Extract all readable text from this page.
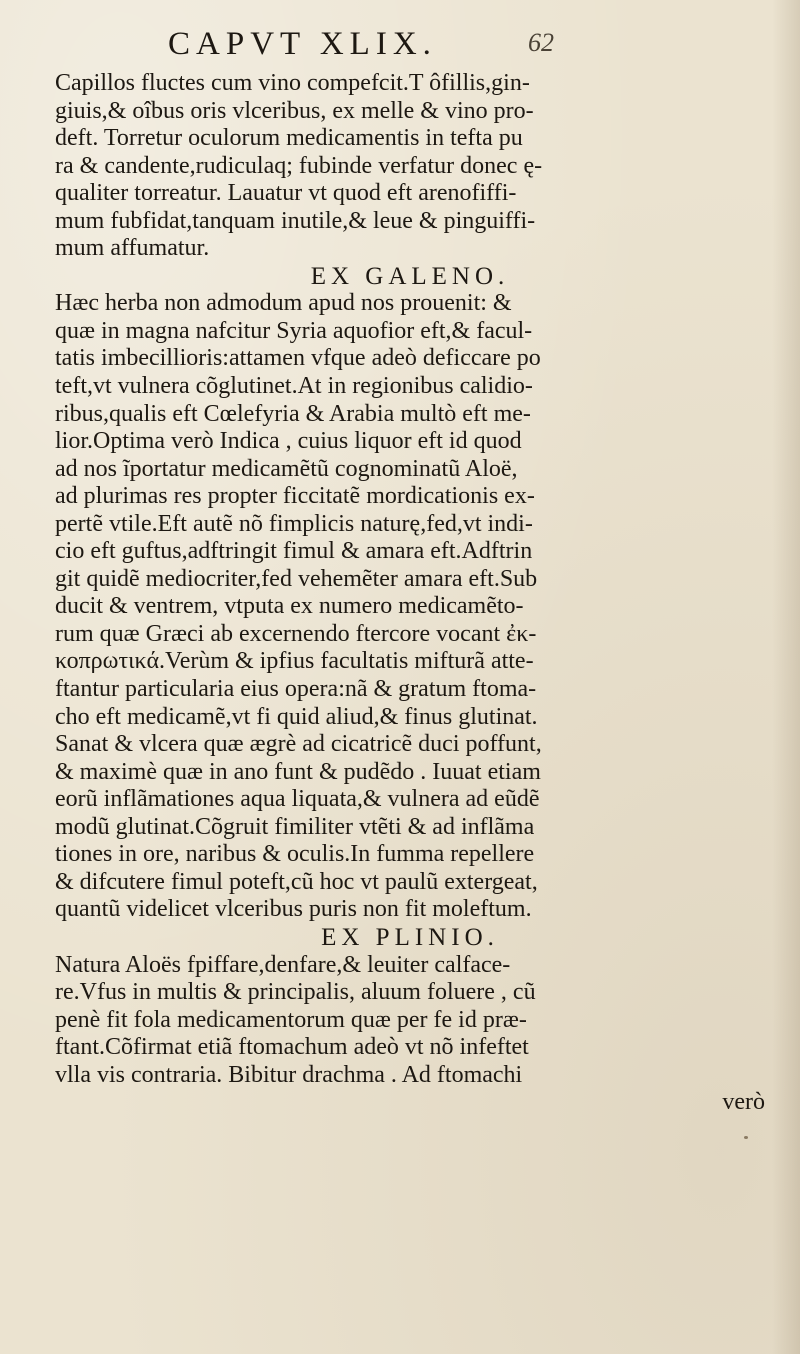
CAPVT XLIX.	62
Capillos fluctes cum vino compefcit.T ôfillis,gin-
giuis,& oîbus oris vlceribus, ex melle & vino pro-
deft. Torretur oculorum medicamentis in tefta pu
ra & candente,rudiculaq; fubinde verfatur donec ę-
qualiter torreatur. Lauatur vt quod eft arenofiffi-
mum fubfidat,tanquam inutile,& leue & pinguiffi-
mum affumatur.
EX GALENO.
Hæc herba non admodum apud nos prouenit: &
quæ in magna nafcitur Syria aquofior eft,& facul-
tatis imbecillioris:attamen vfque adeò deficcare po
teft,vt vulnera cõglutinet.At in regionibus calidio-
ribus,qualis eft Cœlefyria & Arabia multò eft me-
lior.Optima verò Indica , cuius liquor eft id quod
ad nos ĩportatur medicamẽtũ cognominatũ Aloë,
ad plurimas res propter ficcitatẽ mordicationis ex-
pertẽ vtile.Eft autẽ nõ fimplicis naturę,fed,vt indi-
cio eft guftus,adftringit fimul & amara eft.Adftrin
git quidẽ mediocriter,fed vehemẽter amara eft.Sub
ducit & ventrem, vtputa ex numero medicamẽto-
rum quæ Græci ab excernendo ftercore vocant ἐκ-
κοπρωτικά.Verùm & ipfius facultatis mifturã atte-
ftantur particularia eius opera:nã & gratum ftoma-
cho eft medicamẽ,vt fi quid aliud,& finus glutinat.
Sanat & vlcera quæ ægrè ad cicatricẽ duci poffunt,
& maximè quæ in ano funt & pudẽdo . Iuuat etiam
eorũ inflãmationes aqua liquata,& vulnera ad eũdẽ
modũ glutinat.Cõgruit fimiliter vtẽti & ad inflãma
tiones in ore, naribus & oculis.In fumma repellere
& difcutere fimul poteft,cũ hoc vt paulũ extergeat,
quantũ videlicet vlceribus puris non fit moleftum.
EX PLINIO.
Natura Aloës fpiffare,denfare,& leuiter calface-
re.Vfus in multis & principalis, aluum foluere , cũ
penè fit fola medicamentorum quæ per fe id præ-
ftant.Cõfirmat etiã ftomachum adeò vt nõ infeftet
vlla vis contraria. Bibitur drachma . Ad ftomachi
verò
